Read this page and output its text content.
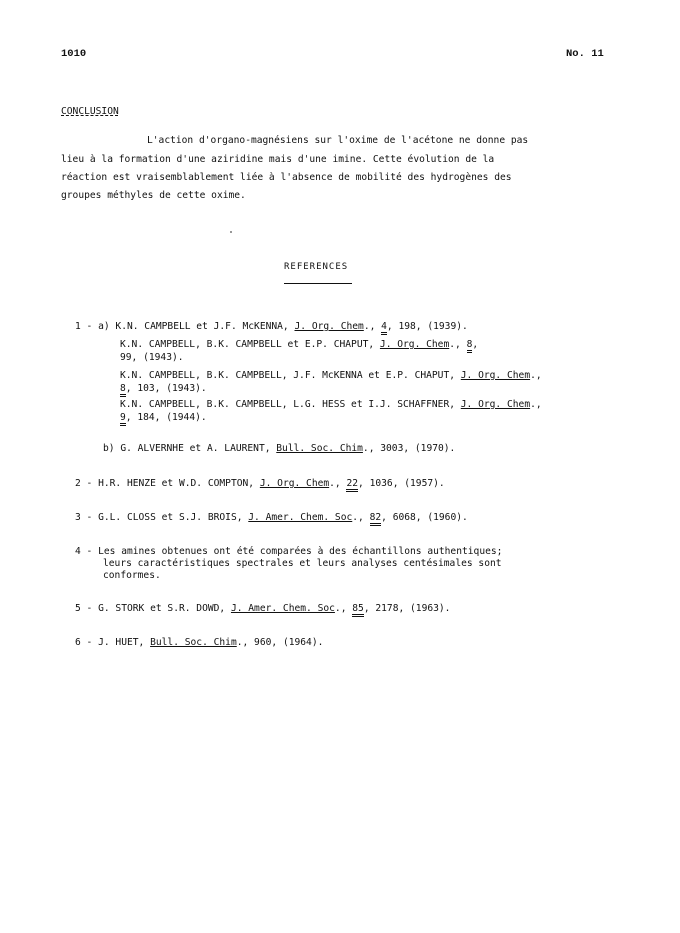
1010	No. 11
CONCLUSION
L'action d'organo-magnésiens sur l'oxime de l'acétone ne donne pas
lieu à la formation d'une aziridine mais d'une imine. Cette évolution de la
réaction est vraisemblablement liée à l'absence de mobilité des hydrogènes des
groupes méthyles de cette oxime.
REFERENCES
1 - a) K.N. CAMPBELL et J.F. McKENNA, J. Org. Chem., 4, 198, (1939).
K.N. CAMPBELL, B.K. CAMPBELL et E.P. CHAPUT, J. Org. Chem., 8,
99, (1943).
K.N. CAMPBELL, B.K. CAMPBELL, J.F. McKENNA et E.P. CHAPUT, J. Org. Chem.,
8, 103, (1943).
K.N. CAMPBELL, B.K. CAMPBELL, L.G. HESS et I.J. SCHAFFNER, J. Org. Chem.,
9, 184, (1944).
b) G. ALVERNHE et A. LAURENT, Bull. Soc. Chim., 3003, (1970).
2 - H.R. HENZE et W.D. COMPTON, J. Org. Chem., 22, 1036, (1957).
3 - G.L. CLOSS et S.J. BROIS, J. Amer. Chem. Soc., 82, 6068, (1960).
4 - Les amines obtenues ont été comparées à des échantillons authentiques;
leurs caractéristiques spectrales et leurs analyses centésimales sont
conformes.
5 - G. STORK et S.R. DOWD, J. Amer. Chem. Soc., 85, 2178, (1963).
6 - J. HUET, Bull. Soc. Chim., 960, (1964).
